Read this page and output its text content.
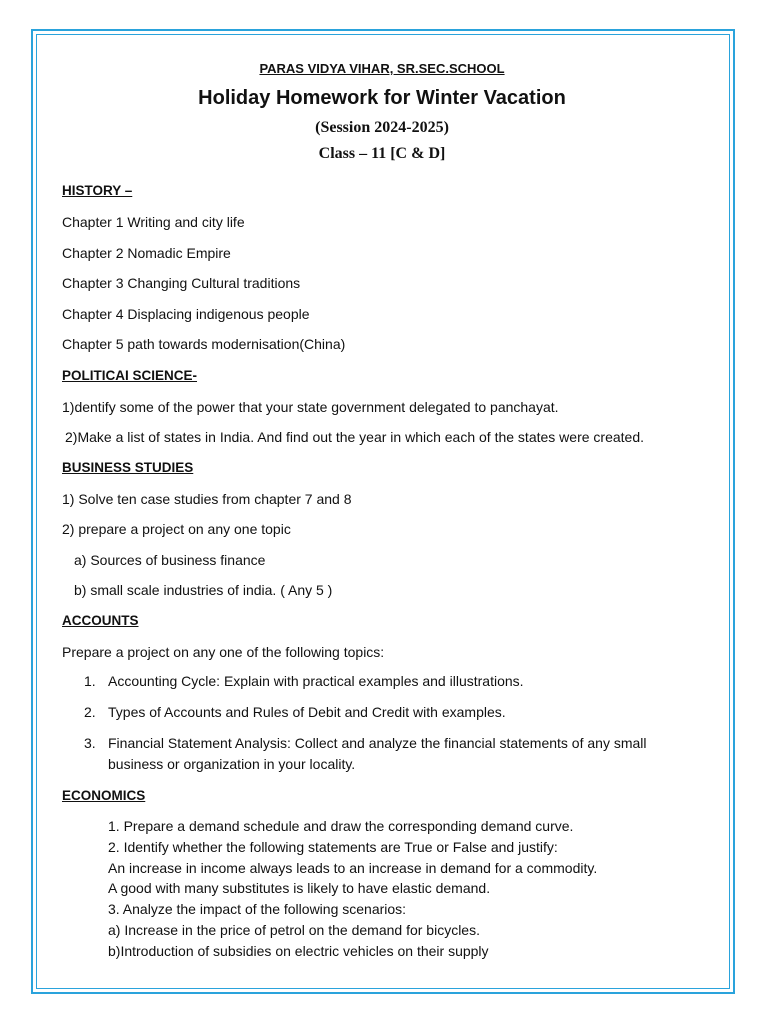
PARAS VIDYA VIHAR, SR.SEC.SCHOOL
Holiday Homework for Winter Vacation
(Session 2024-2025)
Class – 11 [C & D]
HISTORY –
Chapter 1 Writing and city life
Chapter 2 Nomadic Empire
Chapter 3 Changing Cultural traditions
Chapter 4 Displacing indigenous people
Chapter 5 path towards modernisation(China)
POLITICAI SCIENCE-
1)dentify some of the power that your state government delegated to panchayat.
2)Make a list of states in India. And find out the year in which each of the states were created.
BUSINESS STUDIES
1) Solve ten case studies from chapter 7 and 8
2) prepare a project on any one topic
a) Sources of business finance
b) small scale industries of india. ( Any 5 )
ACCOUNTS
Prepare a project on any one of the following topics:
1. Accounting Cycle: Explain with practical examples and illustrations.
2. Types of Accounts and Rules of Debit and Credit with examples.
3. Financial Statement Analysis: Collect and analyze the financial statements of any small business or organization in your locality.
ECONOMICS
1. Prepare a demand schedule and draw the corresponding demand curve.
2. Identify whether the following statements are True or False and justify:
An increase in income always leads to an increase in demand for a commodity.
A good with many substitutes is likely to have elastic demand.
3. Analyze the impact of the following scenarios:
a) Increase in the price of petrol on the demand for bicycles.
b)Introduction of subsidies on electric vehicles on their supply
